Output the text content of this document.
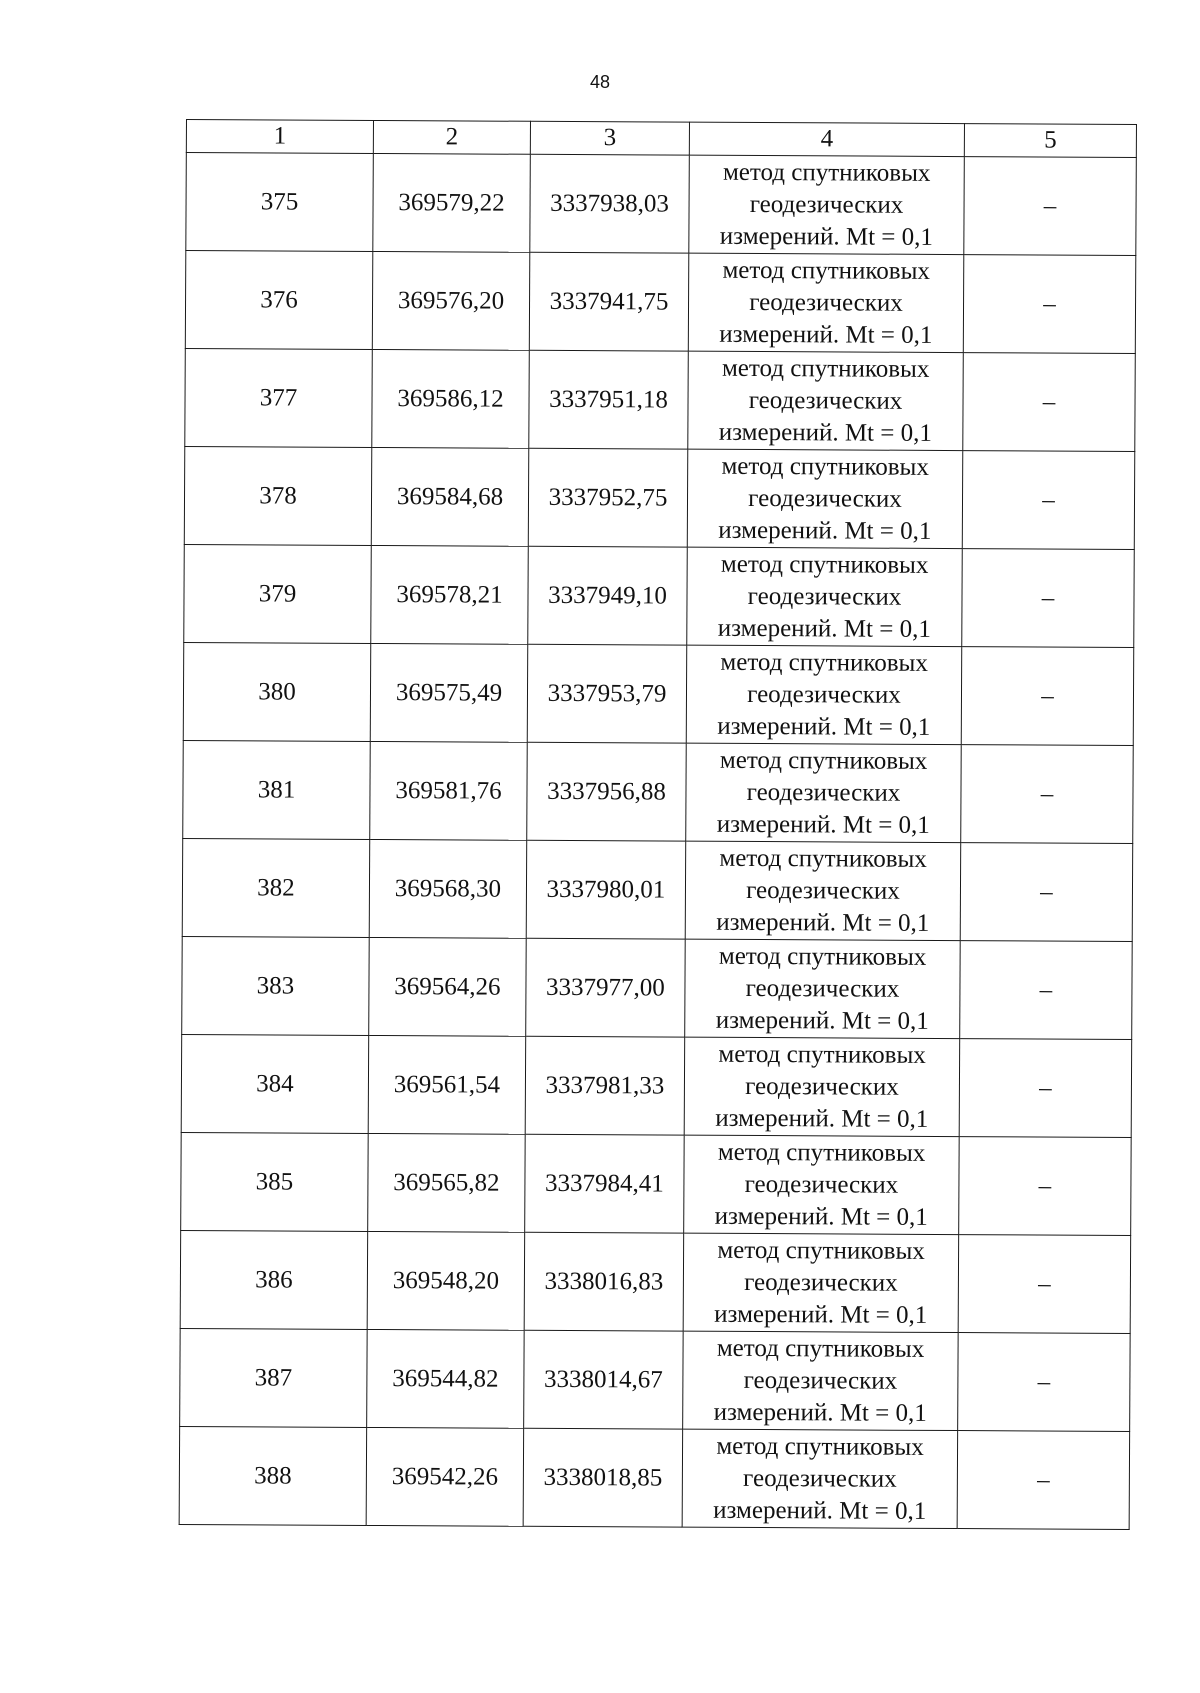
48
1	2	3	4	5
375	369579,22	3337938,03	метод спутниковых
геодезических
измерений. Mt = 0,1	–
376	369576,20	3337941,75	метод спутниковых
геодезических
измерений. Mt = 0,1	–
377	369586,12	3337951,18	метод спутниковых
геодезических
измерений. Mt = 0,1	–
378	369584,68	3337952,75	метод спутниковых
геодезических
измерений. Mt = 0,1	–
379	369578,21	3337949,10	метод спутниковых
геодезических
измерений. Mt = 0,1	–
380	369575,49	3337953,79	метод спутниковых
геодезических
измерений. Mt = 0,1	–
381	369581,76	3337956,88	метод спутниковых
геодезических
измерений. Mt = 0,1	–
382	369568,30	3337980,01	метод спутниковых
геодезических
измерений. Mt = 0,1	–
383	369564,26	3337977,00	метод спутниковых
геодезических
измерений. Mt = 0,1	–
384	369561,54	3337981,33	метод спутниковых
геодезических
измерений. Mt = 0,1	–
385	369565,82	3337984,41	метод спутниковых
геодезических
измерений. Mt = 0,1	–
386	369548,20	3338016,83	метод спутниковых
геодезических
измерений. Mt = 0,1	–
387	369544,82	3338014,67	метод спутниковых
геодезических
измерений. Mt = 0,1	–
388	369542,26	3338018,85	метод спутниковых
геодезических
измерений. Mt = 0,1	–
